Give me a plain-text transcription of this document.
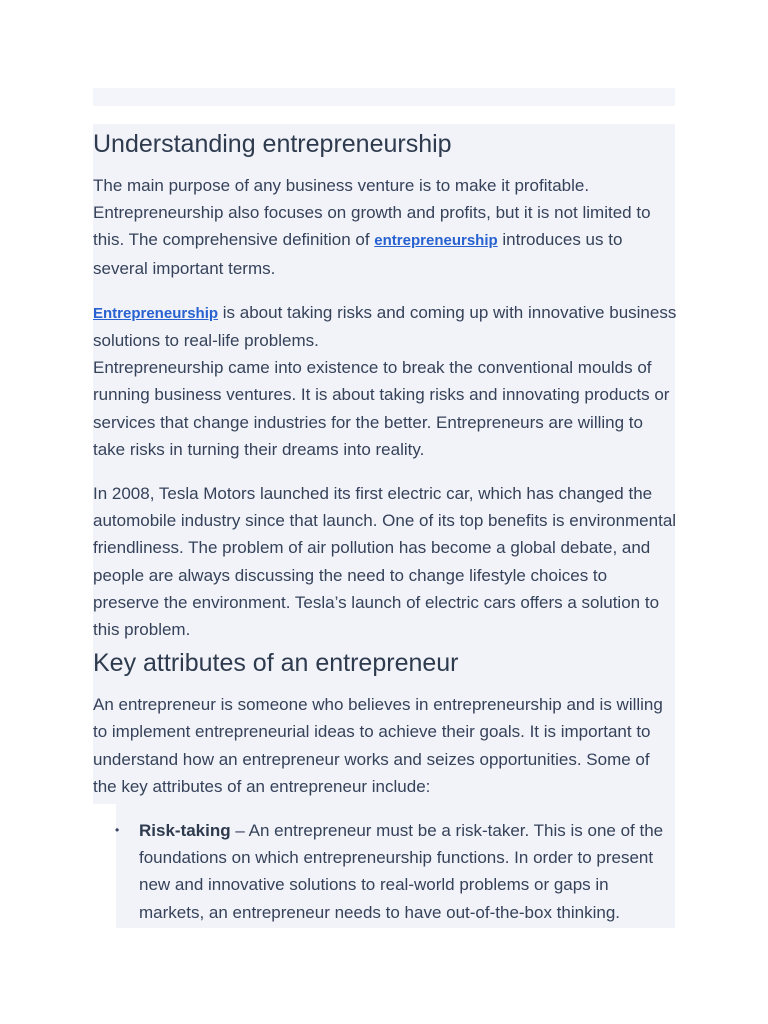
Understanding entrepreneurship

The main purpose of any business venture is to make it profitable. Entrepreneurship also focuses on growth and profits, but it is not limited to this. The comprehensive definition of entrepreneurship introduces us to several important terms.

Entrepreneurship is about taking risks and coming up with innovative business solutions to real-life problems.

Entrepreneurship came into existence to break the conventional moulds of running business ventures. It is about taking risks and innovating products or services that change industries for the better. Entrepreneurs are willing to take risks in turning their dreams into reality.

In 2008, Tesla Motors launched its first electric car, which has changed the automobile industry since that launch. One of its top benefits is environmental friendliness. The problem of air pollution has become a global debate, and people are always discussing the need to change lifestyle choices to preserve the environment. Tesla’s launch of electric cars offers a solution to this problem.

Key attributes of an entrepreneur

An entrepreneur is someone who believes in entrepreneurship and is willing to implement entrepreneurial ideas to achieve their goals. It is important to understand how an entrepreneur works and seizes opportunities. Some of the key attributes of an entrepreneur include:

• Risk-taking – An entrepreneur must be a risk-taker. This is one of the foundations on which entrepreneurship functions. In order to present new and innovative solutions to real-world problems or gaps in markets, an entrepreneur needs to have out-of-the-box thinking.
